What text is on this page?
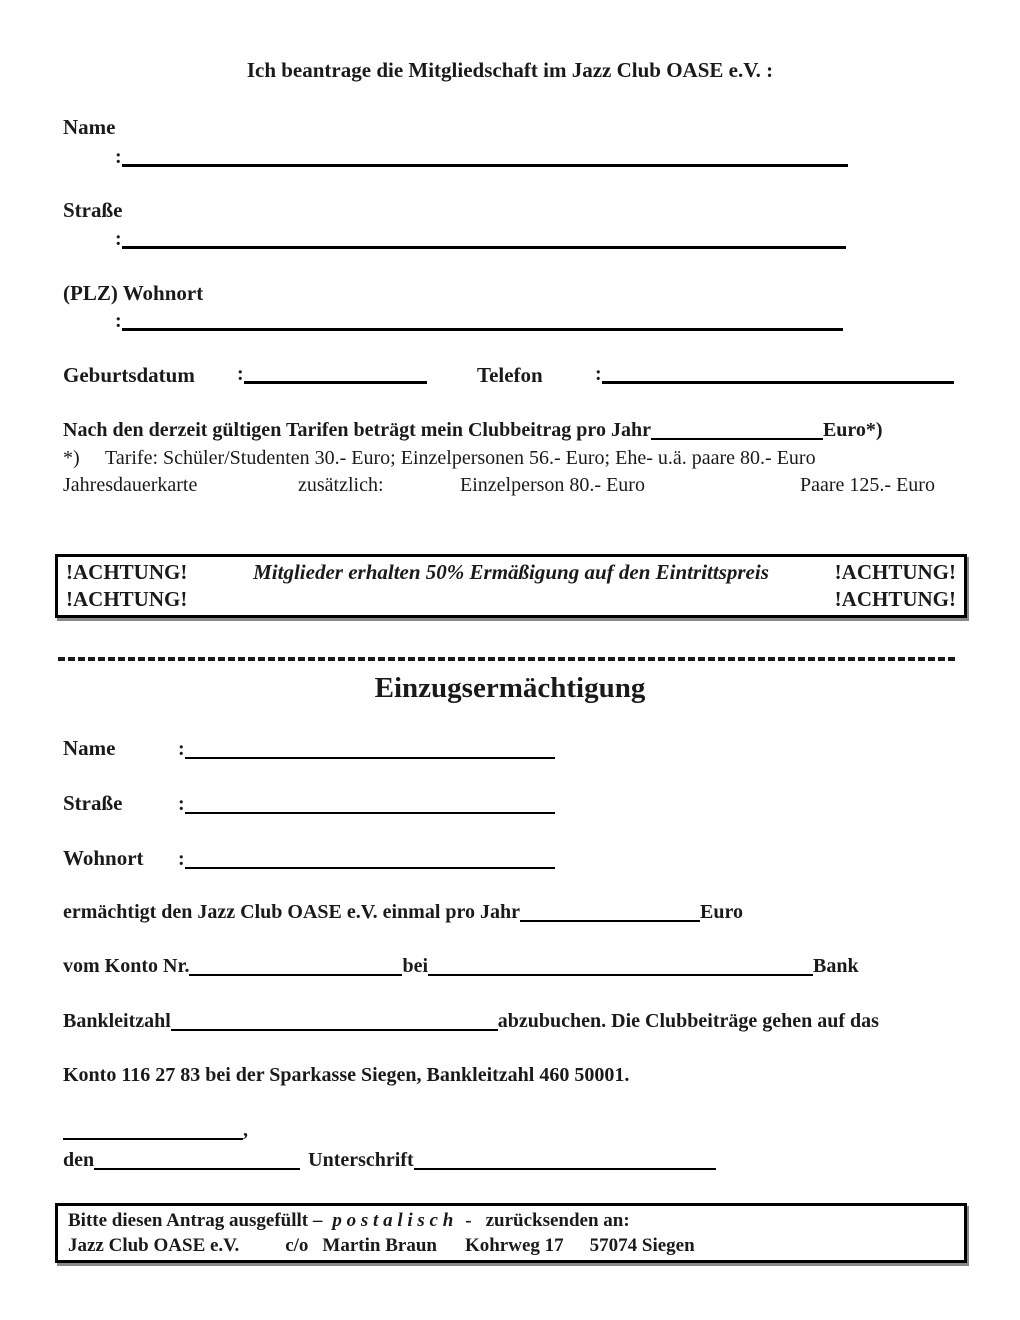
Ich beantrage die Mitgliedschaft im Jazz Club OASE e.V. :
Name
:
Straße
:
(PLZ) Wohnort
:
Geburtsdatum :	Telefon	:
Nach den derzeit gültigen Tarifen beträgt mein Clubbeitrag pro Jahr	Euro*)
*) Tarife: Schüler/Studenten 30.- Euro; Einzelpersonen 56.- Euro; Ehe- u.ä. paare 80.- Euro
Jahresdauerkarte	zusätzlich:	Einzelperson 80.- Euro	Paare 125.- Euro
!ACHTUNG!	Mitglieder erhalten 50% Ermäßigung auf den Eintrittspreis	!ACHTUNG!
!ACHTUNG!	!ACHTUNG!
Einzugsermächtigung
Name	:
Straße	:
Wohnort :
ermächtigt den Jazz Club OASE e.V. einmal pro Jahr	Euro
vom Konto Nr.	bei	Bank
Bankleitzahl	abzubuchen. Die Clubbeiträge gehen auf das
Konto 116 27 83 bei der Sparkasse Siegen, Bankleitzahl 460 50001.
,
den	Unterschrift
Bitte diesen Antrag ausgefüllt – p o s t a l i s c h - zurücksenden an:
Jazz Club OASE e.V. c/o Martin Braun Kohrweg 17 57074 Siegen
